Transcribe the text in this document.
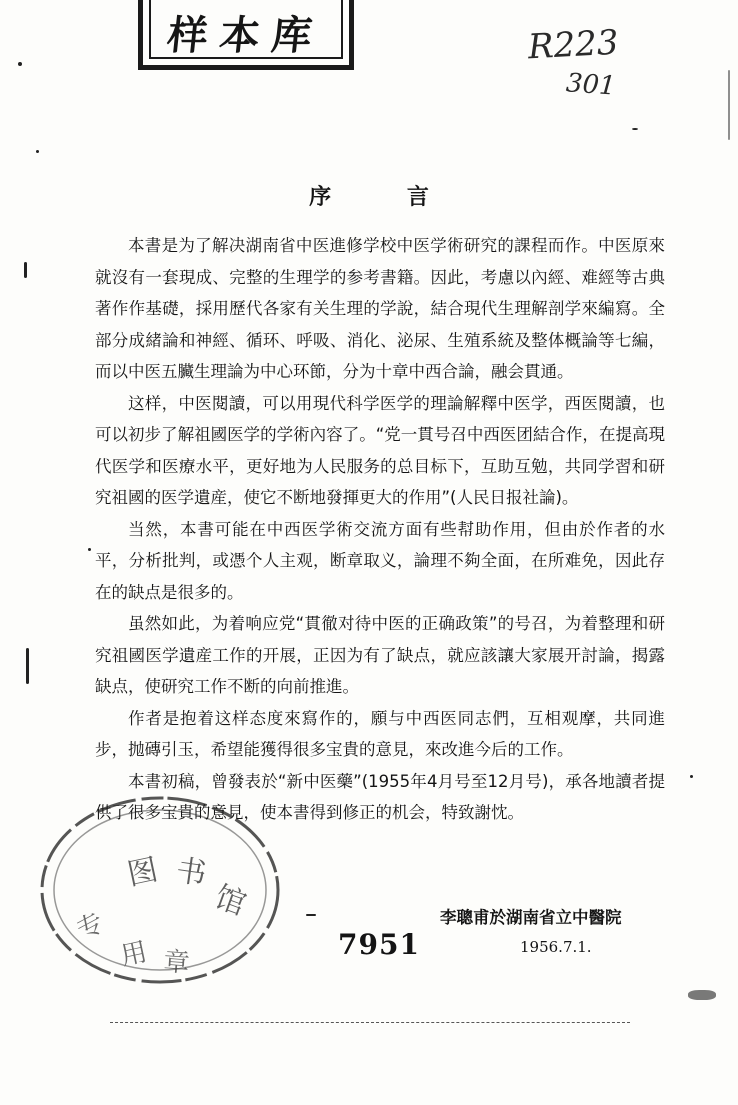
样本库	R223
301
序 言

本書是为了解决湖南省中医進修学校中医学術研究的課程而作。中医原來就沒有一套現成、完整的生理学的参考書籍。因此，考慮以內經、难經等古典著作作基礎，採用歷代各家有关生理的学說，結合現代生理解剖学來編寫。全部分成緒論和神經、循环、呼吸、消化、泌尿、生殖系統及整体概論等七編，而以中医五臟生理論为中心环節，分为十章中西合論，融会貫通。

这样，中医閱讀，可以用現代科学医学的理論解釋中医学，西医閱讀，也可以初步了解祖國医学的学術內容了。“党一貫号召中西医团結合作，在提高現代医学和医療水平，更好地为人民服务的总目标下，互助互勉，共同学習和研究祖國的医学遺産，使它不断地發揮更大的作用”(人民日报社論)。

当然，本書可能在中西医学術交流方面有些幇助作用，但由於作者的水平，分析批判，或憑个人主观，断章取义，論理不夠全面，在所难免，因此存在的缺点是很多的。

虽然如此，为着响应党“貫徹对待中医的正确政策”的号召，为着整理和研究祖國医学遺産工作的开展，正因为有了缺点，就应該讓大家展开討論，揭露缺点，使研究工作不断的向前推進。

作者是抱着这样态度來寫作的，願与中西医同志們，互相观摩，共同進步，抛磚引玉，希望能獲得很多宝貴的意見，來改進今后的工作。

本書初稿，曾發表於“新中医藥”(1955年4月号至12月号)，承各地讀者提供了很多宝貴的意見，使本書得到修正的机会，特致謝忱。

李聰甫於湖南省立中醫院
1956.7.1.
7951
图 书
馆
专
用 章
